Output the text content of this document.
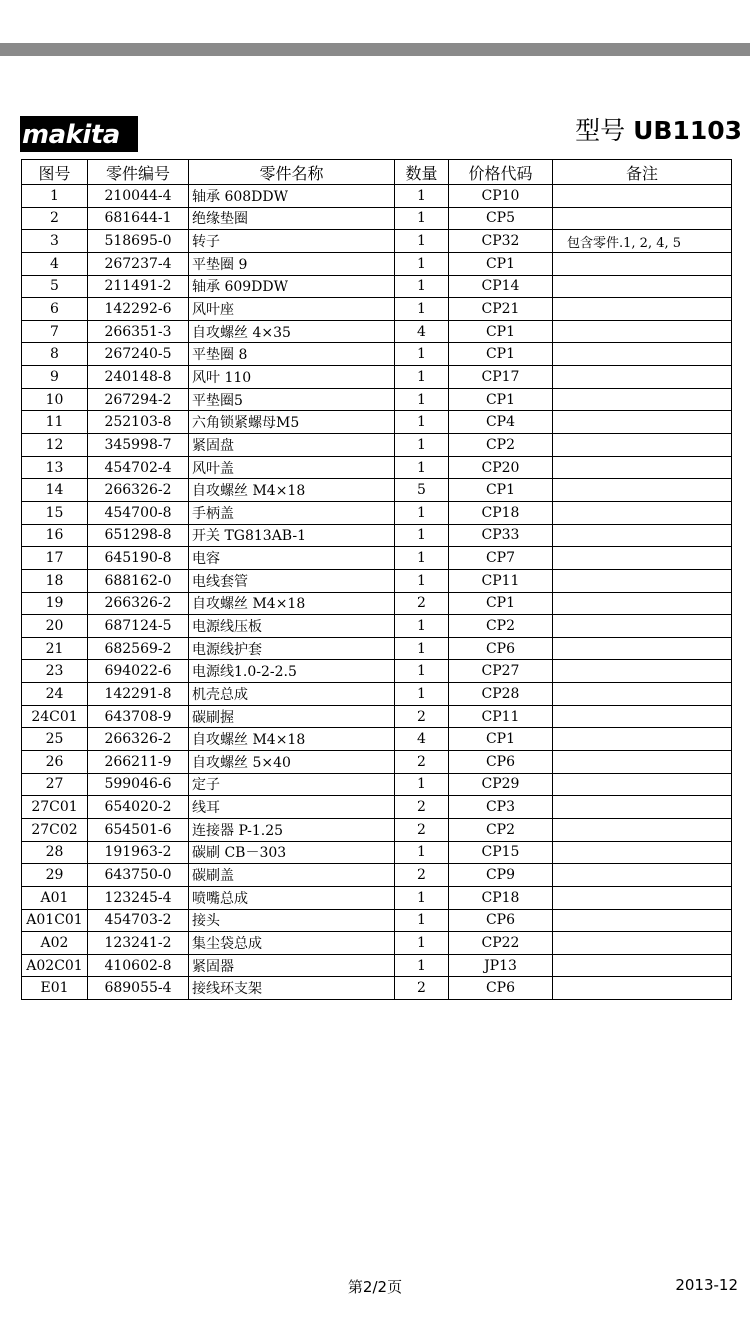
makita
®	型号 UB1103
图号	零件编号	零件名称	数量	价格代码	备注
1	210044-4	轴承 608DDW	1	CP10	
2	681644-1	绝缘垫圈	1	CP5	
3	518695-0	转子	1	CP32	包含零件.1, 2, 4, 5
4	267237-4	平垫圈 9	1	CP1	
5	211491-2	轴承 609DDW	1	CP14	
6	142292-6	风叶座	1	CP21	
7	266351-3	自攻螺丝 4×35	4	CP1	
8	267240-5	平垫圈 8	1	CP1	
9	240148-8	风叶 110	1	CP17	
10	267294-2	平垫圈5	1	CP1	
11	252103-8	六角锁紧螺母M5	1	CP4	
12	345998-7	紧固盘	1	CP2	
13	454702-4	风叶盖	1	CP20	
14	266326-2	自攻螺丝 M4×18	5	CP1	
15	454700-8	手柄盖	1	CP18	
16	651298-8	开关 TG813AB-1	1	CP33	
17	645190-8	电容	1	CP7	
18	688162-0	电线套管	1	CP11	
19	266326-2	自攻螺丝 M4×18	2	CP1	
20	687124-5	电源线压板	1	CP2	
21	682569-2	电源线护套	1	CP6	
23	694022-6	电源线1.0-2-2.5	1	CP27	
24	142291-8	机壳总成	1	CP28	
24C01	643708-9	碳刷握	2	CP11	
25	266326-2	自攻螺丝 M4×18	4	CP1	
26	266211-9	自攻螺丝 5×40	2	CP6	
27	599046-6	定子	1	CP29	
27C01	654020-2	线耳	2	CP3	
27C02	654501-6	连接器 P-1.25	2	CP2	
28	191963-2	碳刷 CB－303	1	CP15	
29	643750-0	碳刷盖	2	CP9	
A01	123245-4	喷嘴总成	1	CP18	
A01C01	454703-2	接头	1	CP6	
A02	123241-2	集尘袋总成	1	CP22	
A02C01	410602-8	紧固器	1	JP13	
E01	689055-4	接线环支架	2	CP6	
第2/2页	2013-12
